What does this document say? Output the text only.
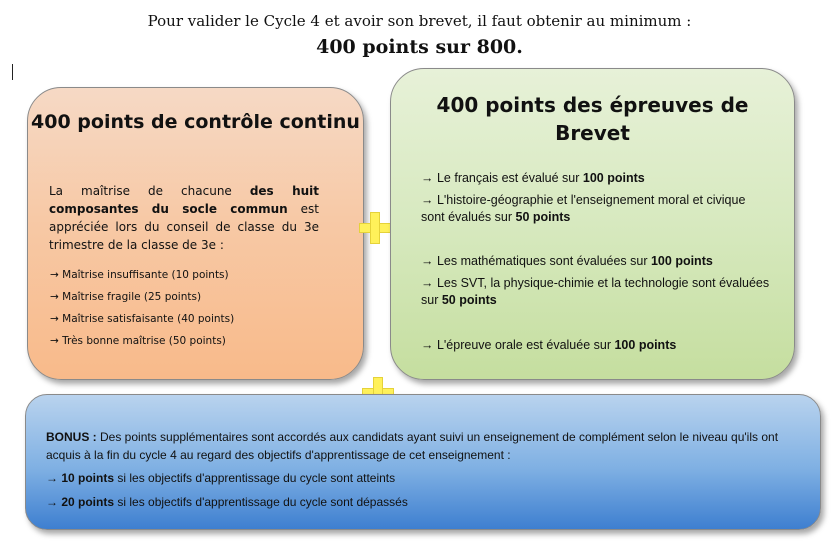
Pour valider le Cycle 4 et avoir son brevet, il faut obtenir au minimum :
400 points sur 800.
400 points de contrôle continu
La maîtrise de chacune des huit composantes du socle commun est appréciée lors du conseil de classe du 3e trimestre de la classe de 3e :
→ Maîtrise insuffisante (10 points)
→ Maîtrise fragile (25 points)
→ Maîtrise satisfaisante (40 points)
→ Très bonne maîtrise (50 points)
400 points des épreuves de
Brevet
→ Le français est évalué sur 100 points
→ L'histoire-géographie et l'enseignement moral et civique sont évalués sur 50 points
→ Les mathématiques sont évaluées sur 100 points
→ Les SVT, la physique-chimie et la technologie sont évaluées sur 50 points
→ L'épreuve orale est évaluée sur 100 points
BONUS : Des points supplémentaires sont accordés aux candidats ayant suivi un enseignement de complément selon le niveau qu'ils ont acquis à la fin du cycle 4 au regard des objectifs d'apprentissage de cet enseignement :
→ 10 points si les objectifs d'apprentissage du cycle sont atteints
→ 20 points si les objectifs d'apprentissage du cycle sont dépassés
